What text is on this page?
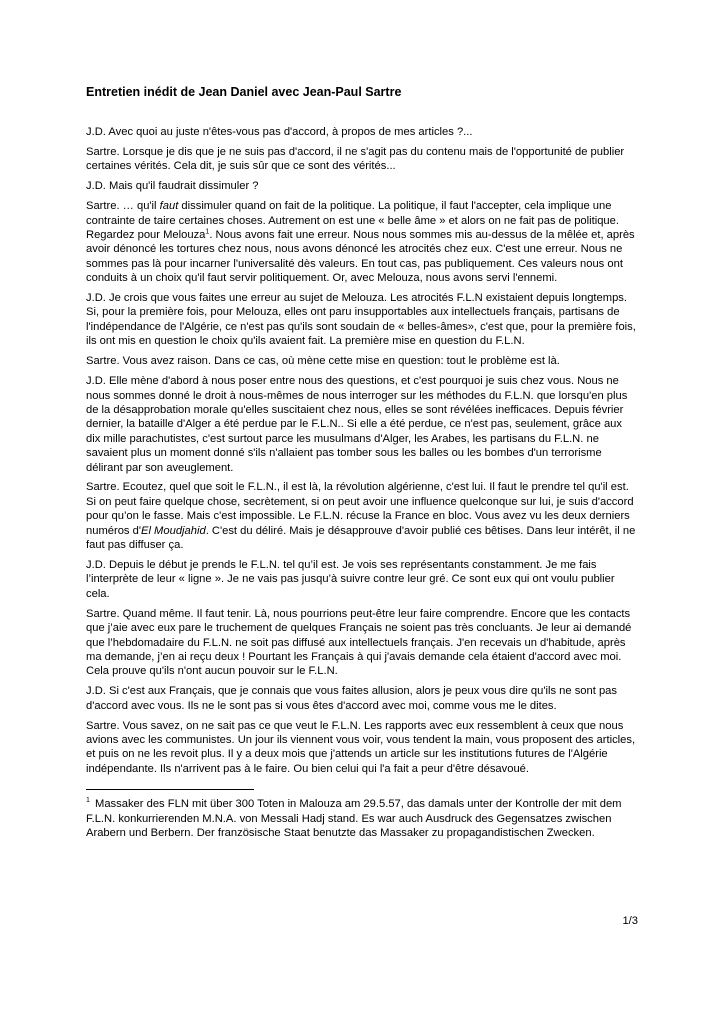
Entretien inédit de Jean Daniel avec Jean-Paul Sartre

J.D. Avec quoi au juste n'êtes-vous pas d'accord, à propos de mes articles ?...

Sartre. Lorsque je dis que je ne suis pas d'accord, il ne s'agit pas du contenu mais de l'opportunité de publier certaines vérités. Cela dit, je suis sûr que ce sont des vérités...

J.D. Mais qu'il faudrait dissimuler ?

Sartre. … qu'il faut dissimuler quand on fait de la politique. La politique, il faut l'accepter, cela implique une contrainte de taire certaines choses. Autrement on est une « belle âme » et alors on ne fait pas de politique. Regardez pour Melouza$^1$. Nous avons fait une erreur. Nous nous sommes mis au-dessus de la mêlée et, après avoir dénoncé les tortures chez nous, nous avons dénoncé les atrocités chez eux. C'est une erreur. Nous ne sommes pas là pour incarner l'universalité dès valeurs. En tout cas, pas publiquement. Ces valeurs nous ont conduits à un choix qu'il faut servir politiquement. Or, avec Melouza, nous avons servi l'ennemi.

J.D. Je crois que vous faites une erreur au sujet de Melouza. Les atrocités F.L.N existaient depuis longtemps. Si, pour la première fois, pour Melouza, elles ont paru insupportables aux intellectuels français, partisans de l'indépendance de l'Algérie, ce n'est pas qu'ils sont soudain de « belles-âmes», c'est que, pour la première fois, ils ont mis en question le choix qu'ils avaient fait. La première mise en question du F.L.N.

Sartre. Vous avez raison. Dans ce cas, où mène cette mise en question: tout le problème est là.

J.D. Elle mène d'abord à nous poser entre nous des questions, et c'est pourquoi je suis chez vous. Nous ne nous sommes donné le droit à nous-mêmes de nous interroger sur les méthodes du F.L.N. que lorsqu'en plus de la désapprobation morale qu'elles suscitaient chez nous, elles se sont révélées inefficaces. Depuis février dernier, la bataille d'Alger a été perdue par le F.L.N.. Si elle a été perdue, ce n'est pas, seulement, grâce aux dix mille parachutistes, c'est surtout parce les musulmans d'Alger, les Arabes, les partisans du F.L.N. ne savaient plus un moment donné s'ils n'allaient pas tomber sous les balles ou les bombes d'un terrorisme délirant par son aveuglement.

Sartre. Ecoutez, quel que soit le F.L.N., il est là, la révolution algérienne, c'est lui. Il faut le prendre tel qu'il est. Si on peut faire quelque chose, secrètement, si on peut avoir une influence quelconque sur lui, je suis d'accord pour qu’on le fasse. Mais c'est impossible. Le F.L.N. récuse la France en bloc. Vous avez vu les deux derniers numéros d'El Moudjahid. C'est du déliré. Mais je désapprouve d'avoir publié ces bêtises. Dans leur intérêt, il ne faut pas diffuser ça.

J.D. Depuis le début je prends le F.L.N. tel qu’il est. Je vois ses représentants constamment. Je me fais l’interprète de leur « ligne ». Je ne vais pas jusqu’à suivre contre leur gré. Ce sont eux qui ont voulu publier cela.

Sartre. Quand même. Il faut tenir. Là, nous pourrions peut-être leur faire comprendre. Encore que les contacts que j’aie avec eux pare le truchement de quelques Français ne soient pas très concluants. Je leur ai demandé que l’hebdomadaire du F.L.N. ne soit pas diffusé aux intellectuels français. J'en recevais un d'habitude, après ma demande, j’en ai reçu deux ! Pourtant les Français à qui j'avais demande cela étaient d'accord avec moi. Cela prouve qu'ils n'ont aucun pouvoir sur le F.L.N.

J.D. Si c'est aux Français, que je connais que vous faites allusion, alors je peux vous dire qu'ils ne sont pas d'accord avec vous. Ils ne le sont pas si vous êtes d'accord avec moi, comme vous me le dites.

Sartre. Vous savez, on ne sait pas ce que veut le F.L.N. Les rapports avec eux ressemblent à ceux que nous avions avec les communistes. Un jour ils viennent vous voir, vous tendent la main, vous proposent des articles, et puis on ne les revoit plus. Il y a deux mois que j'attends un article sur les institutions futures de l'Algérie indépendante. Ils n'arrivent pas à le faire. Ou bien celui qui l'a fait a peur d'être désavoué.

$^1$ Massaker des FLN mit über 300 Toten in Malouza am 29.5.57, das damals unter der Kontrolle der mit dem F.L.N. konkurrierenden M.N.A. von Messali Hadj stand. Es war auch Ausdruck des Gegensatzes zwischen Arabern und Berbern. Der französische Staat benutzte das Massaker zu propagandistischen Zwecken.
1/3
